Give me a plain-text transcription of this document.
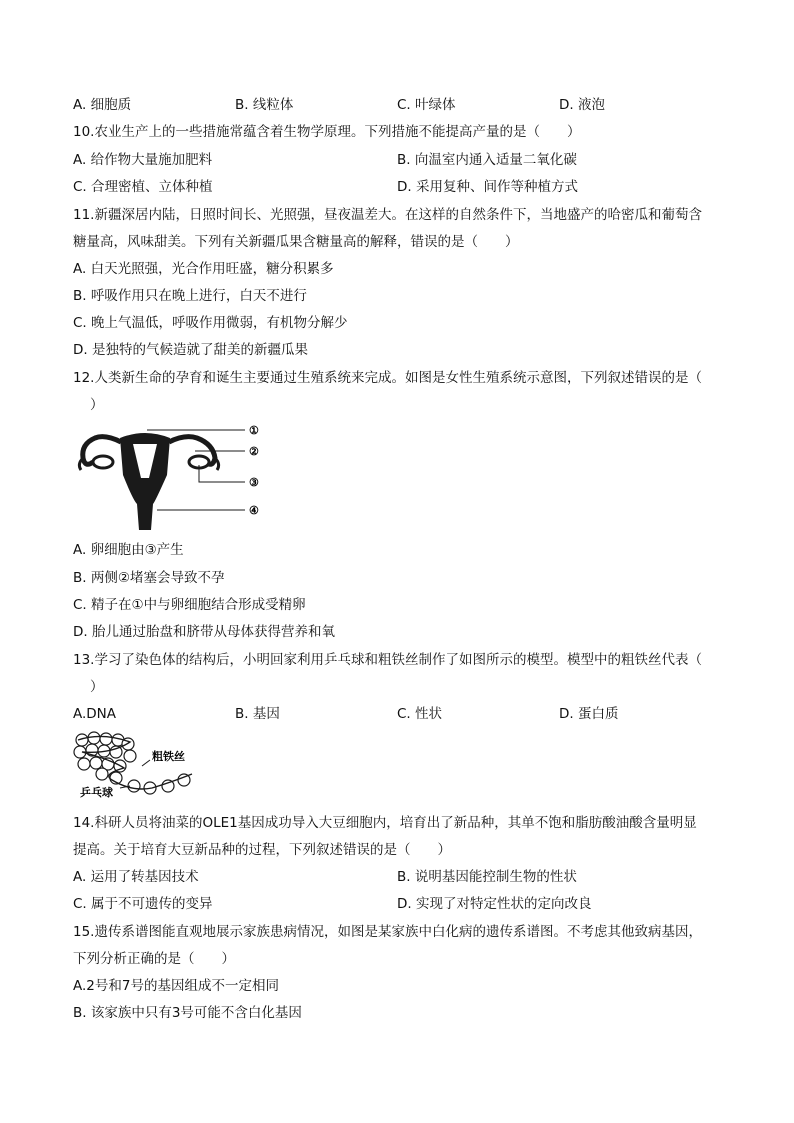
A. 细胞质	B. 线粒体	C. 叶绿体	D. 液泡
10.农业生产上的一些措施常蕴含着生物学原理。下列措施不能提高产量的是（　　）
A. 给作物大量施加肥料	B. 向温室内通入适量二氧化碳
C. 合理密植、立体种植	D. 采用复种、间作等种植方式
11.新疆深居内陆，日照时间长、光照强，昼夜温差大。在这样的自然条件下，当地盛产的哈密瓜和葡萄含
糖量高，风味甜美。下列有关新疆瓜果含糖量高的解释，错误的是（　　）
A. 白天光照强，光合作用旺盛，糖分积累多
B. 呼吸作用只在晚上进行，白天不进行
C. 晚上气温低，呼吸作用微弱，有机物分解少
D. 是独特的气候造就了甜美的新疆瓜果
12.人类新生命的孕育和诞生主要通过生殖系统来完成。如图是女性生殖系统示意图，下列叙述错误的是（
）
①
②
③
④
A. 卵细胞由③产生
B. 两侧②堵塞会导致不孕
C. 精子在①中与卵细胞结合形成受精卵
D. 胎儿通过胎盘和脐带从母体获得营养和氧
13.学习了染色体的结构后，小明回家利用乒乓球和粗铁丝制作了如图所示的模型。模型中的粗铁丝代表（
）
A.DNA	B. 基因	C. 性状	D. 蛋白质
粗铁丝
乒乓球
14.科研人员将油菜的OLE1基因成功导入大豆细胞内，培育出了新品种，其单不饱和脂肪酸油酸含量明显
提高。关于培育大豆新品种的过程，下列叙述错误的是（　　）
A. 运用了转基因技术	B. 说明基因能控制生物的性状
C. 属于不可遗传的变异	D. 实现了对特定性状的定向改良
15.遗传系谱图能直观地展示家族患病情况，如图是某家族中白化病的遗传系谱图。不考虑其他致病基因，
下列分析正确的是（　　）
A.2号和7号的基因组成不一定相同
B. 该家族中只有3号可能不含白化基因
